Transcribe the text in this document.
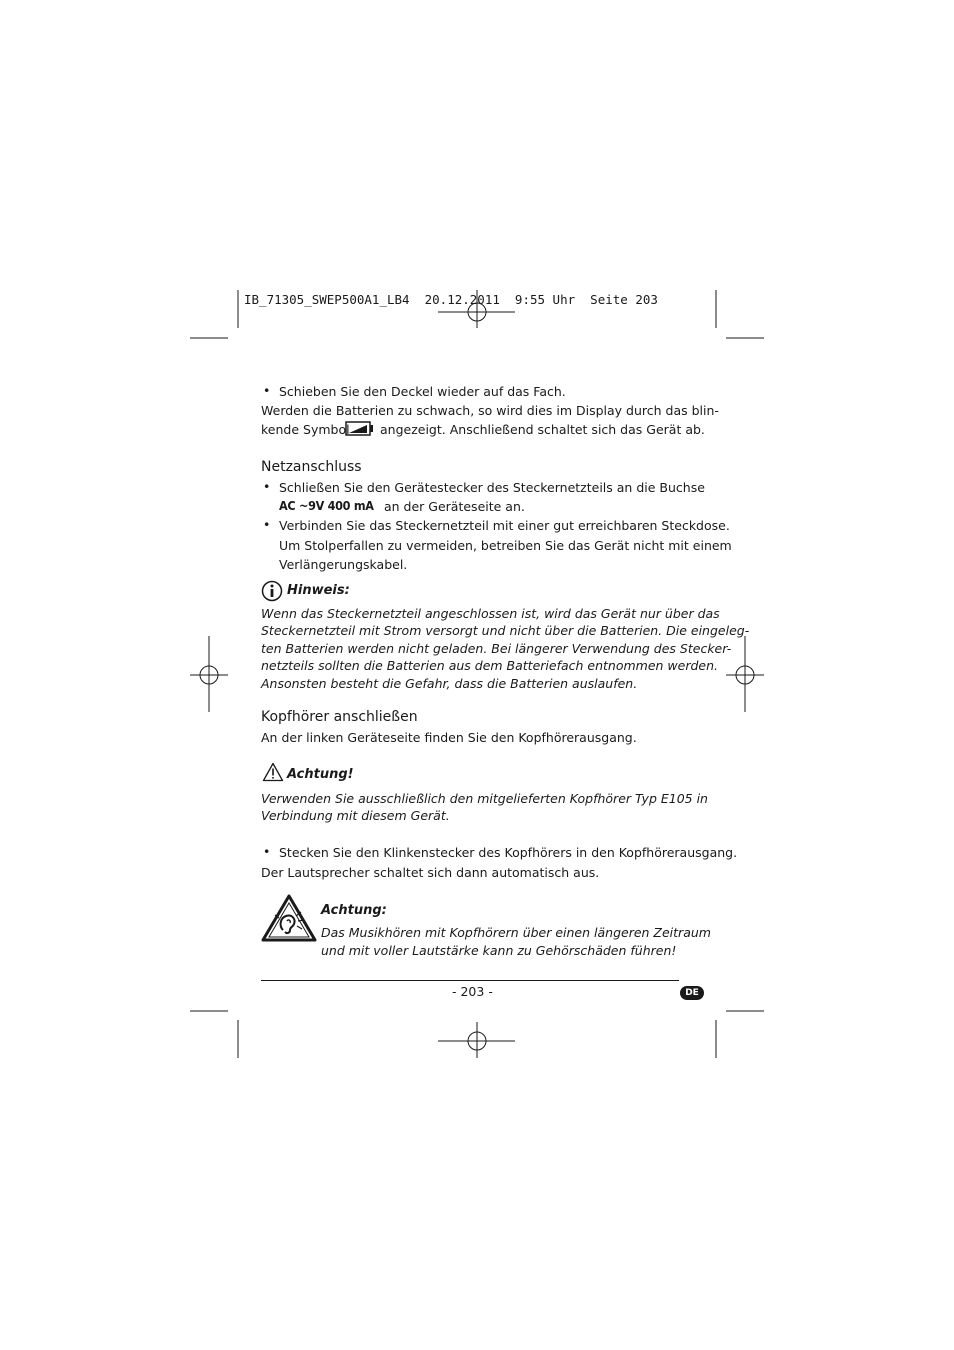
IB_71305_SWEP500A1_LB4  20.12.2011  9:55 Uhr  Seite 203
• Schieben Sie den Deckel wieder auf das Fach.
Werden die Batterien zu schwach, so wird dies im Display durch das blin-
kende Symbol angezeigt. Anschließend schaltet sich das Gerät ab.
Netzanschluss
• Schließen Sie den Gerätestecker des Steckernetzteils an die Buchse
AC ~9V 400 mA an der Geräteseite an.
• Verbinden Sie das Steckernetzteil mit einer gut erreichbaren Steckdose.
Um Stolperfallen zu vermeiden, betreiben Sie das Gerät nicht mit einem
Verlängerungskabel.
Hinweis:
Wenn das Steckernetzteil angeschlossen ist, wird das Gerät nur über das
Steckernetzteil mit Strom versorgt und nicht über die Batterien. Die eingeleg-
ten Batterien werden nicht geladen. Bei längerer Verwendung des Stecker-
netzteils sollten die Batterien aus dem Batteriefach entnommen werden.
Ansonsten besteht die Gefahr, dass die Batterien auslaufen.
Kopfhörer anschließen
An der linken Geräteseite finden Sie den Kopfhörerausgang.
Achtung!
Verwenden Sie ausschließlich den mitgelieferten Kopfhörer Typ E105 in
Verbindung mit diesem Gerät.
• Stecken Sie den Klinkenstecker des Kopfhörers in den Kopfhörerausgang.
Der Lautsprecher schaltet sich dann automatisch aus.
Achtung:
Das Musikhören mit Kopfhörern über einen längeren Zeitraum
und mit voller Lautstärke kann zu Gehörschäden führen!
- 203 -	DE
